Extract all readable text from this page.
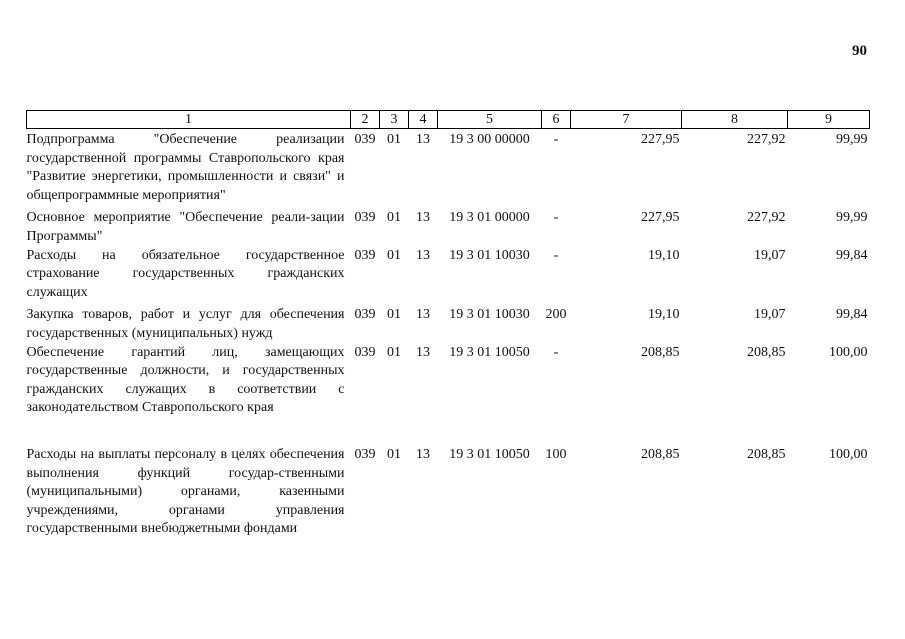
90
1	2	3	4	5	6	7	8	9
Подпрограмма "Обеспечение реализации государственной программы Ставропольского края "Развитие энергетики, промышленности и связи" и общепрограммные мероприятия"	039	01	13	19 3 00 00000	-	227,95	227,92	99,99
Основное мероприятие "Обеспечение реали-зации Программы"	039	01	13	19 3 01 00000	-	227,95	227,92	99,99
Расходы на обязательное государственное страхование государственных гражданских служащих	039	01	13	19 3 01 10030	-	19,10	19,07	99,84
Закупка товаров, работ и услуг для обеспечения государственных (муниципальных) нужд	039	01	13	19 3 01 10030	200	19,10	19,07	99,84
Обеспечение гарантий лиц, замещающих государственные должности, и государственных гражданских служащих в соответствии с законодательством Ставропольского края	039	01	13	19 3 01 10050	-	208,85	208,85	100,00
Расходы на выплаты персоналу в целях обеспечения выполнения функций государ-ственными (муниципальными) органами, казенными учреждениями, органами управления государственными внебюджетными фондами	039	01	13	19 3 01 10050	100	208,85	208,85	100,00
